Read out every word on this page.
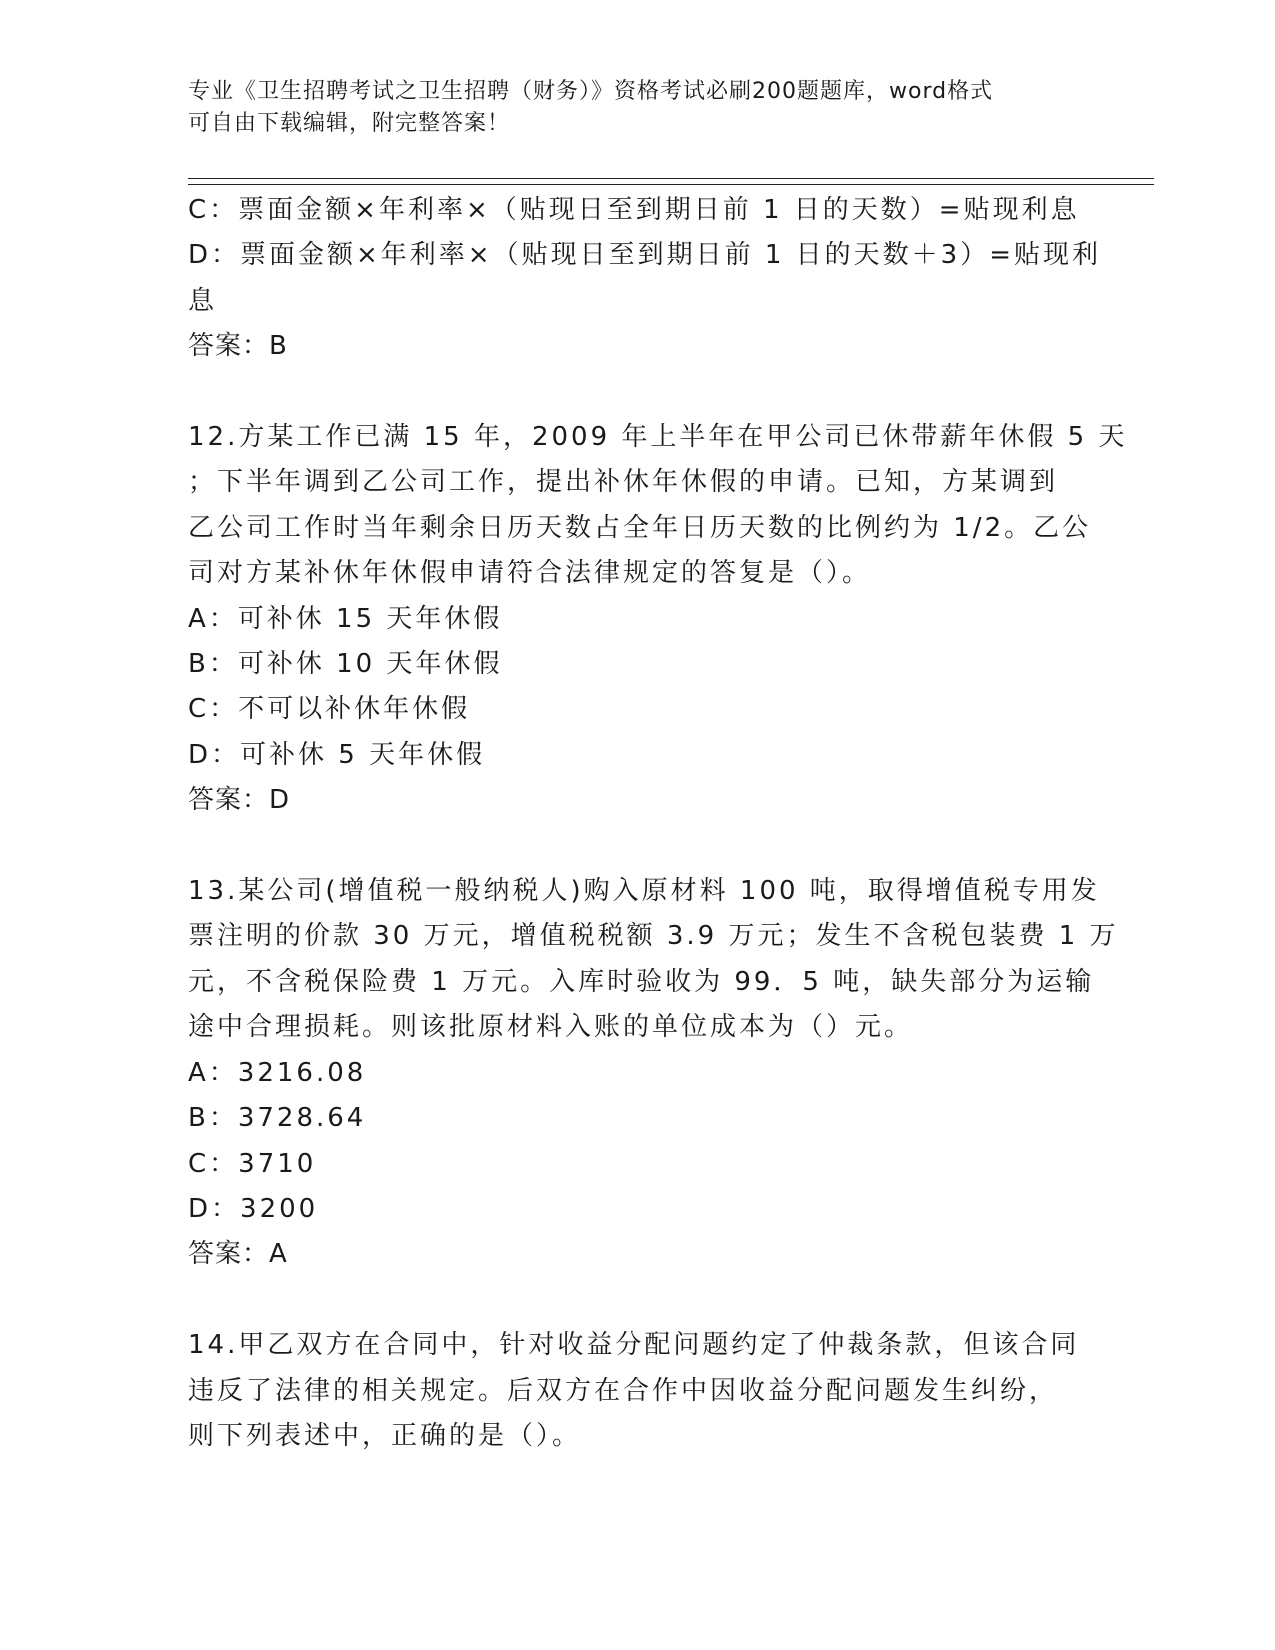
专业《卫生招聘考试之卫生招聘（财务）》资格考试必刷200题题库，word格式
可自由下载编辑，附完整答案！
C：票面金额×年利率×（贴现日至到期日前 1 日的天数）=贴现利息
D：票面金额×年利率×（贴现日至到期日前 1 日的天数＋3）=贴现利
息
答案：B
12.方某工作已满 15 年，2009 年上半年在甲公司已休带薪年休假 5 天
；下半年调到乙公司工作，提出补休年休假的申请。已知，方某调到
乙公司工作时当年剩余日历天数占全年日历天数的比例约为 1/2。乙公
司对方某补休年休假申请符合法律规定的答复是（）。
A：可补休 15 天年休假
B：可补休 10 天年休假
C：不可以补休年休假
D：可补休 5 天年休假
答案：D
13.某公司(增值税一般纳税人)购入原材料 100 吨，取得增值税专用发
票注明的价款 30 万元，增值税税额 3.9 万元；发生不含税包装费 1 万
元，不含税保险费 1 万元。入库时验收为 99．5 吨，缺失部分为运输
途中合理损耗。则该批原材料入账的单位成本为（）元。
A：3216.08
B：3728.64
C：3710
D：3200
答案：A
14.甲乙双方在合同中，针对收益分配问题约定了仲裁条款，但该合同
违反了法律的相关规定。后双方在合作中因收益分配问题发生纠纷，
则下列表述中，正确的是（）。
